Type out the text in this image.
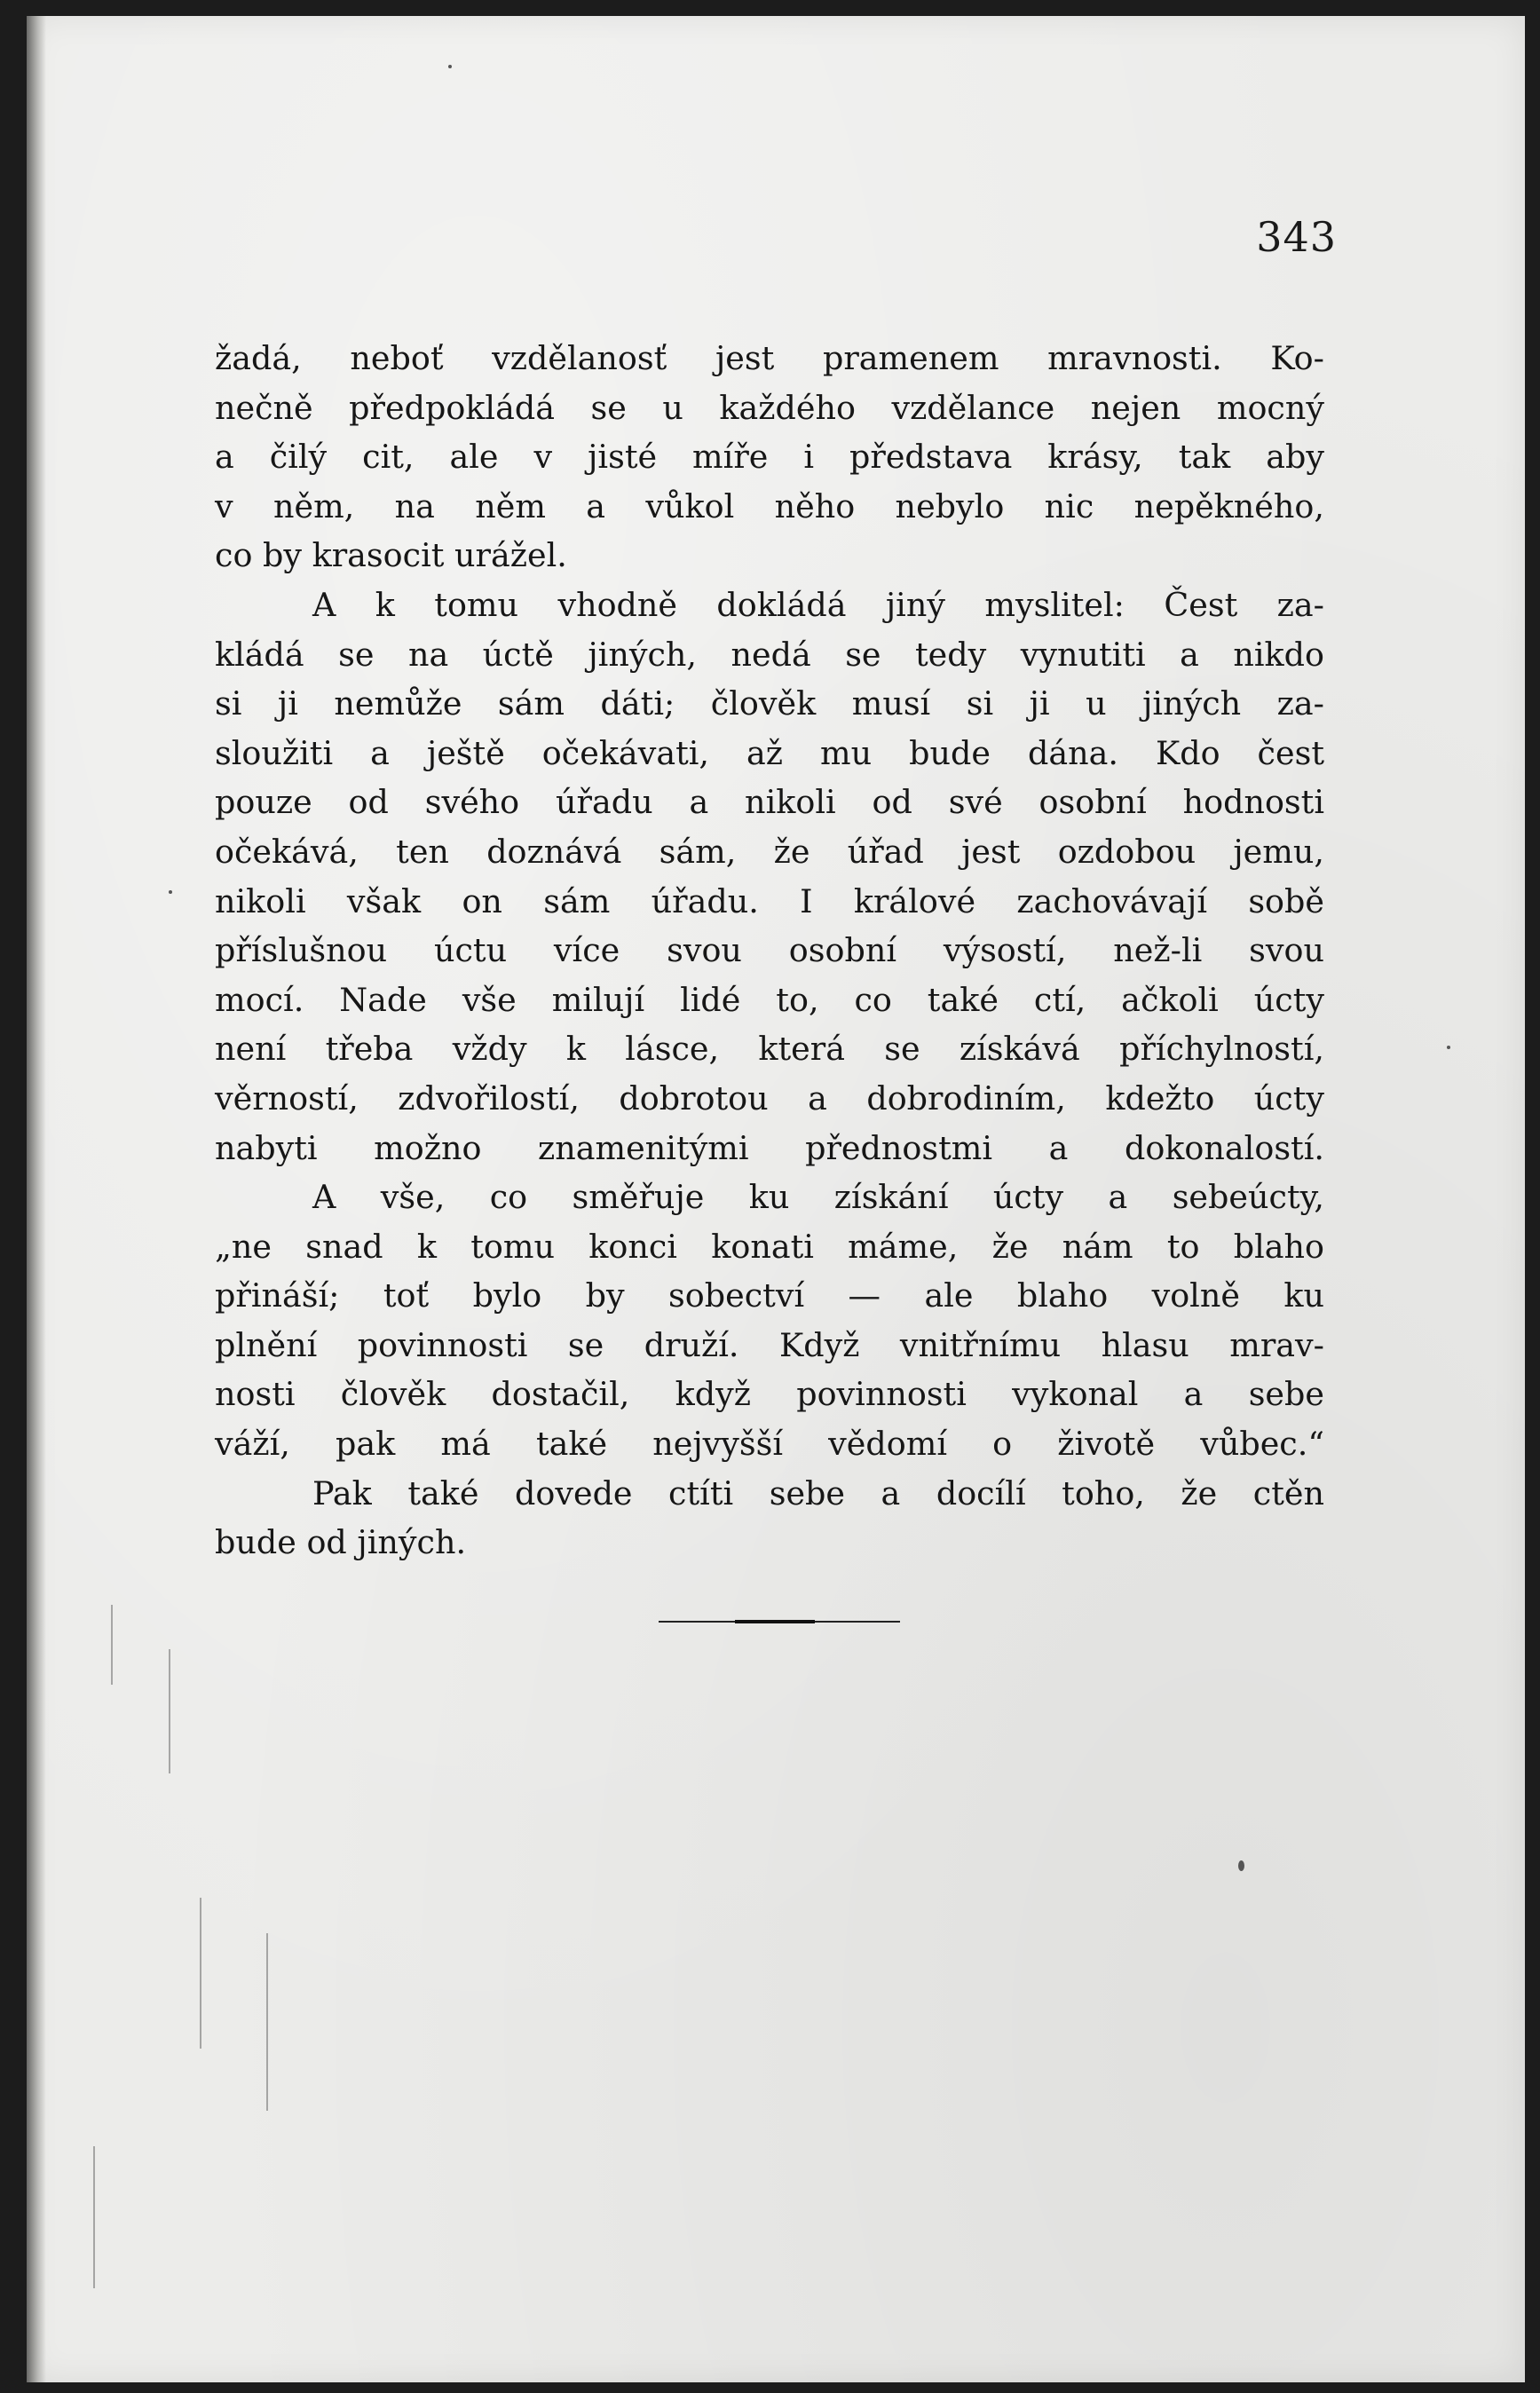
343
žadá, neboť vzdělanosť jest pramenem mravnosti. Ko-
nečně předpokládá se u každého vzdělance nejen mocný
a čilý cit, ale v jisté míře i představa krásy, tak aby
v něm, na něm a vůkol něho nebylo nic nepěkného,
co by krasocit urážel.
A k tomu vhodně dokládá jiný myslitel: Čest za-
kládá se na úctě jiných, nedá se tedy vynutiti a nikdo
si ji nemůže sám dáti; člověk musí si ji u jiných za-
sloužiti a ještě očekávati, až mu bude dána. Kdo čest
pouze od svého úřadu a nikoli od své osobní hodnosti
očekává, ten doznává sám, že úřad jest ozdobou jemu,
nikoli však on sám úřadu. I králové zachovávají sobě
příslušnou úctu více svou osobní výsostí, než-li svou
mocí. Nade vše milují lidé to, co také ctí, ačkoli úcty
není třeba vždy k lásce, která se získává příchylností,
věrností, zdvořilostí, dobrotou a dobrodiním, kdežto úcty
nabyti možno znamenitými přednostmi a dokonalostí.
A vše, co směřuje ku získání úcty a sebeúcty,
„ne snad k tomu konci konati máme, že nám to blaho
přináší; toť bylo by sobectví — ale blaho volně ku
plnění povinnosti se druží. Když vnitřnímu hlasu mrav-
nosti člověk dostačil, když povinnosti vykonal a sebe
váží, pak má také nejvyšší vědomí o životě vůbec.“
Pak také dovede ctíti sebe a docílí toho, že ctěn
bude od jiných.
